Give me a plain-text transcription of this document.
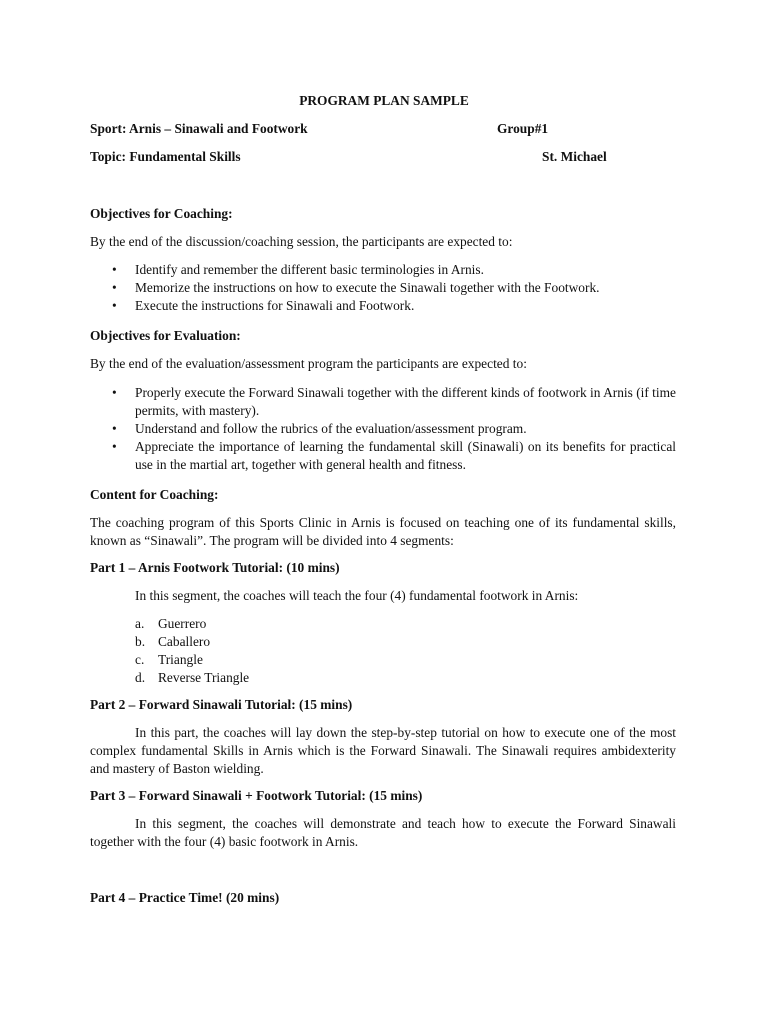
PROGRAM PLAN SAMPLE
Sport: Arnis – Sinawali and Footwork	Group#1
Topic: Fundamental Skills	St. Michael
Objectives for Coaching:
By the end of the discussion/coaching session, the participants are expected to:
• Identify and remember the different basic terminologies in Arnis.
• Memorize the instructions on how to execute the Sinawali together with the Footwork.
• Execute the instructions for Sinawali and Footwork.
Objectives for Evaluation:
By the end of the evaluation/assessment program the participants are expected to:
• Properly execute the Forward Sinawali together with the different kinds of footwork in Arnis (if time permits, with mastery).
• Understand and follow the rubrics of the evaluation/assessment program.
• Appreciate the importance of learning the fundamental skill (Sinawali) on its benefits for practical use in the martial art, together with general health and fitness.
Content for Coaching:
The coaching program of this Sports Clinic in Arnis is focused on teaching one of its fundamental skills, known as “Sinawali”. The program will be divided into 4 segments:
Part 1 – Arnis Footwork Tutorial: (10 mins)
In this segment, the coaches will teach the four (4) fundamental footwork in Arnis:
a. Guerrero
b. Caballero
c. Triangle
d. Reverse Triangle
Part 2 – Forward Sinawali Tutorial: (15 mins)
In this part, the coaches will lay down the step-by-step tutorial on how to execute one of the most complex fundamental Skills in Arnis which is the Forward Sinawali. The Sinawali requires ambidexterity and mastery of Baston wielding.
Part 3 – Forward Sinawali + Footwork Tutorial: (15 mins)
In this segment, the coaches will demonstrate and teach how to execute the Forward Sinawali together with the four (4) basic footwork in Arnis.
Part 4 – Practice Time! (20 mins)
